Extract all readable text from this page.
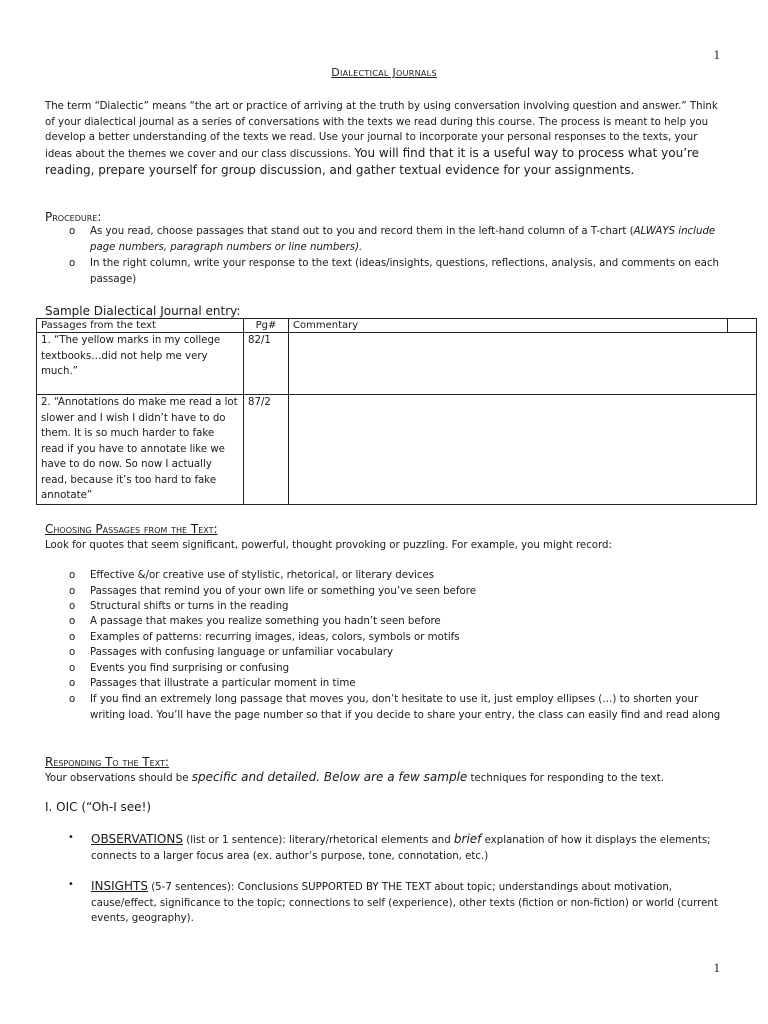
1
Dialectical Journals
The term “Dialectic” means “the art or practice of arriving at the truth by using conversation involving question and answer.” Think of your dialectical journal as a series of conversations with the texts we read during this course. The process is meant to help you develop a better understanding of the texts we read. Use your journal to incorporate your personal responses to the texts, your ideas about the themes we cover and our class discussions. You will find that it is a useful way to process what you’re reading, prepare yourself for group discussion, and gather textual evidence for your assignments.
Procedure:
o As you read, choose passages that stand out to you and record them in the left-hand column of a T-chart (ALWAYS include page numbers, paragraph numbers or line numbers).
o In the right column, write your response to the text (ideas/insights, questions, reflections, analysis, and comments on each passage)
Sample Dialectical Journal entry:
Passages from the text	Pg#	Commentary	
1. “The yellow marks in my college textbooks…did not help me very much.”	82/1		
2. “Annotations do make me read a lot slower and I wish I didn’t have to do them. It is so much harder to fake read if you have to annotate like we have to do now. So now I actually read, because it’s too hard to fake annotate”	87/2		
Choosing Passages from the Text:
Look for quotes that seem significant, powerful, thought provoking or puzzling. For example, you might record:
o Effective &/or creative use of stylistic, rhetorical, or literary devices
o Passages that remind you of your own life or something you’ve seen before
o Structural shifts or turns in the reading
o A passage that makes you realize something you hadn’t seen before
o Examples of patterns: recurring images, ideas, colors, symbols or motifs
o Passages with confusing language or unfamiliar vocabulary
o Events you find surprising or confusing
o Passages that illustrate a particular moment in time
o If you find an extremely long passage that moves you, don’t hesitate to use it, just employ ellipses (…) to shorten your writing load. You’ll have the page number so that if you decide to share your entry, the class can easily find and read along
Responding To the Text:
Your observations should be specific and detailed. Below are a few sample techniques for responding to the text.
I. OIC (“Oh-I see!)
• OBSERVATIONS (list or 1 sentence): literary/rhetorical elements and brief explanation of how it displays the elements; connects to a larger focus area (ex. author’s purpose, tone, connotation, etc.)
• INSIGHTS (5-7 sentences): Conclusions SUPPORTED BY THE TEXT about topic; understandings about motivation, cause/effect, significance to the topic; connections to self (experience), other texts (fiction or non-fiction) or world (current events, geography).
1
